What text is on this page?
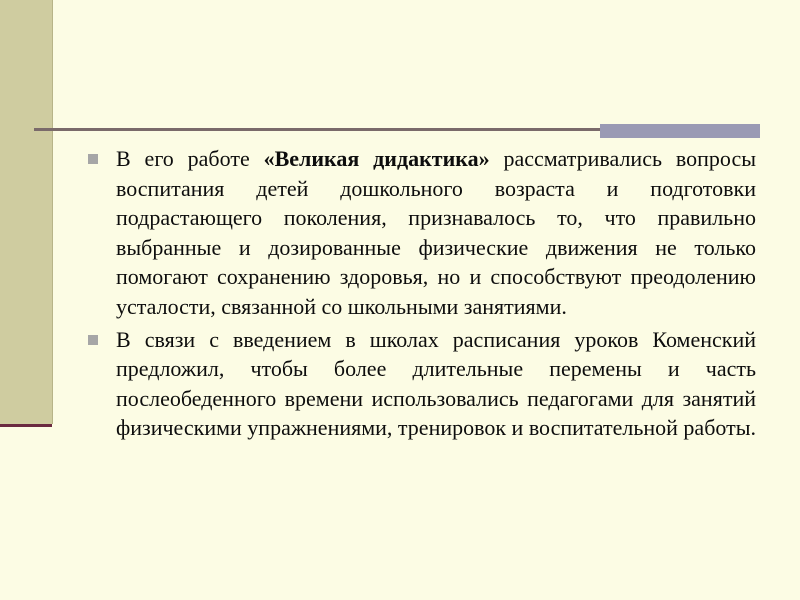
В его работе «Великая дидактика» рассматривались вопросы воспитания детей дошкольного возраста и подготовки подрастающего поколения, признавалось то, что правильно выбранные и дозированные физические движения не только помогают сохранению здоровья, но и способствуют преодолению усталости, связанной со школьными занятиями.

В связи с введением в школах расписания уроков Коменский предложил, чтобы более длительные перемены и часть послеобеденного времени использовались педагогами для занятий физическими упражнениями, тренировок и воспитательной работы.
